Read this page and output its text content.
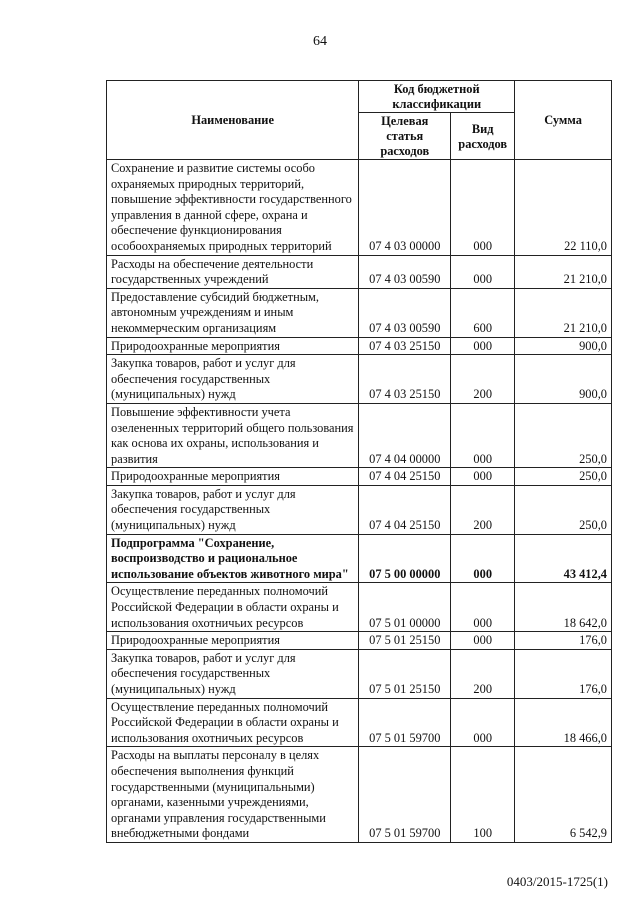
64
Наименование	Код бюджетной классификации		Сумма
	Целевая статья расходов	Вид расходов	
Сохранение и развитие системы особо охраняемых природных территорий, повышение эффективности государственного управления в данной сфере, охрана и обеспечение функционирования особоохраняемых природных территорий	07 4 03 00000	000	22 110,0
Расходы на обеспечение деятельности государственных учреждений	07 4 03 00590	000	21 210,0
Предоставление субсидий бюджетным, автономным учреждениям и иным некоммерческим организациям	07 4 03 00590	600	21 210,0
Природоохранные мероприятия	07 4 03 25150	000	900,0
Закупка товаров, работ и услуг для обеспечения государственных (муниципальных) нужд	07 4 03 25150	200	900,0
Повышение эффективности учета озелененных территорий общего пользования как основа их охраны, использования и развития	07 4 04 00000	000	250,0
Природоохранные мероприятия	07 4 04 25150	000	250,0
Закупка товаров, работ и услуг для обеспечения государственных (муниципальных) нужд	07 4 04 25150	200	250,0
Подпрограмма "Сохранение, воспроизводство и рациональное использование объектов животного мира"	07 5 00 00000	000	43 412,4
Осуществление переданных полномочий Российской Федерации в области охраны и использования охотничьих ресурсов	07 5 01 00000	000	18 642,0
Природоохранные мероприятия	07 5 01 25150	000	176,0
Закупка товаров, работ и услуг для обеспечения государственных (муниципальных) нужд	07 5 01 25150	200	176,0
Осуществление переданных полномочий Российской Федерации в области охраны и использования охотничьих ресурсов	07 5 01 59700	000	18 466,0
Расходы на выплаты персоналу в целях обеспечения выполнения функций государственными (муниципальными) органами, казенными учреждениями, органами управления государственными внебюджетными фондами	07 5 01 59700	100	6 542,9
0403/2015-1725(1)
